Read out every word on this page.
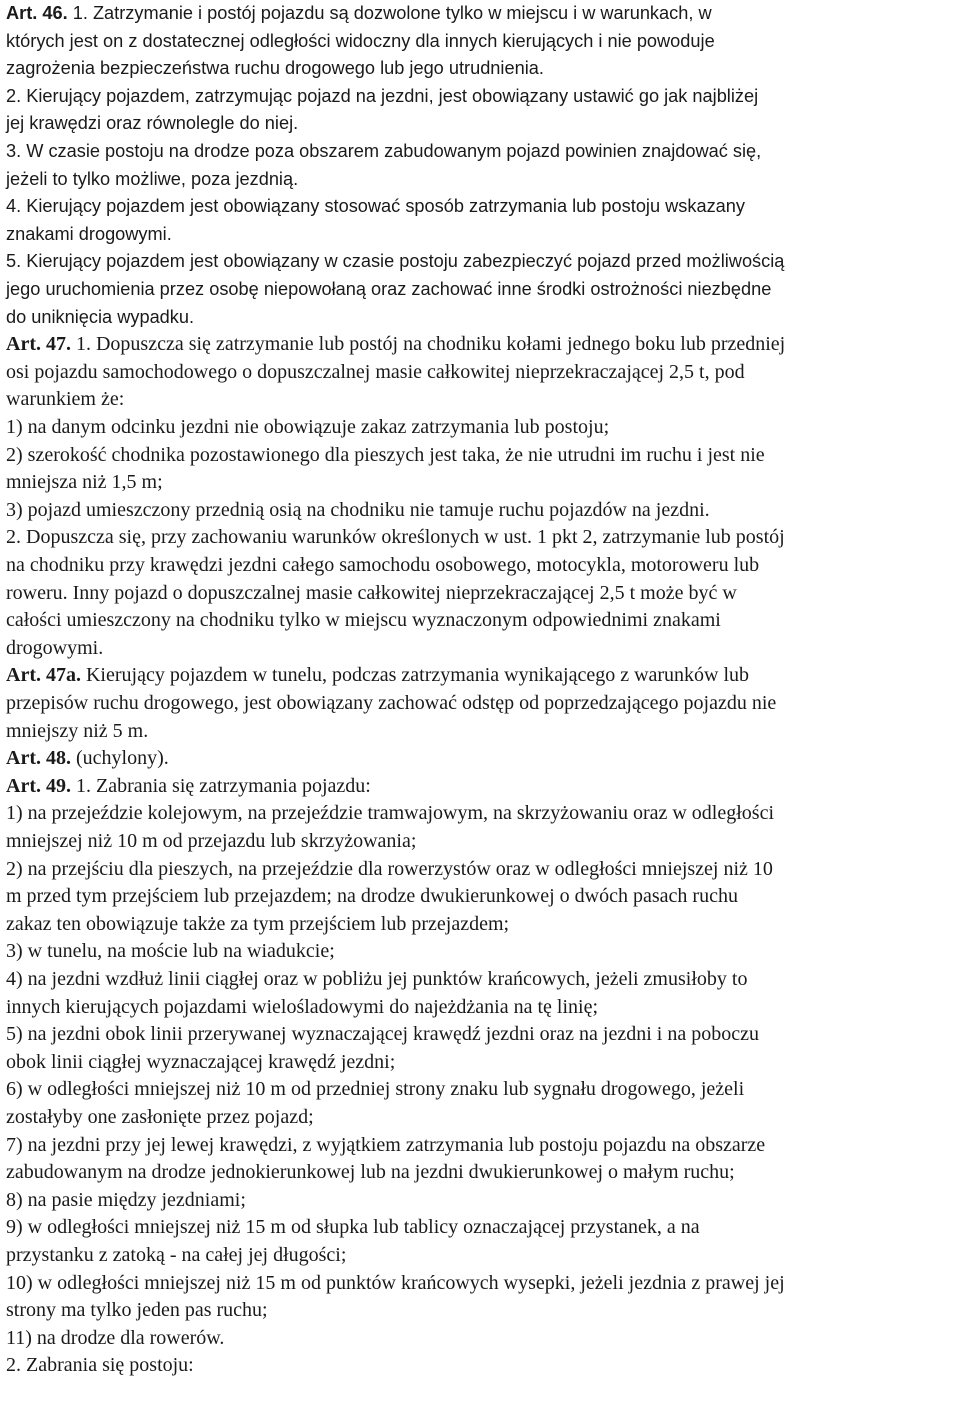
Art. 46. 1. Zatrzymanie i postój pojazdu są dozwolone tylko w miejscu i w warunkach, w
których jest on z dostatecznej odległości widoczny dla innych kierujących i nie powoduje
zagrożenia bezpieczeństwa ruchu drogowego lub jego utrudnienia.
2. Kierujący pojazdem, zatrzymując pojazd na jezdni, jest obowiązany ustawić go jak najbliżej
jej krawędzi oraz równolegle do niej.
3. W czasie postoju na drodze poza obszarem zabudowanym pojazd powinien znajdować się,
jeżeli to tylko możliwe, poza jezdnią.
4. Kierujący pojazdem jest obowiązany stosować sposób zatrzymania lub postoju wskazany
znakami drogowymi.
5. Kierujący pojazdem jest obowiązany w czasie postoju zabezpieczyć pojazd przed możliwością
jego uruchomienia przez osobę niepowołaną oraz zachować inne środki ostrożności niezbędne
do uniknięcia wypadku.
Art. 47. 1. Dopuszcza się zatrzymanie lub postój na chodniku kołami jednego boku lub przedniej
osi pojazdu samochodowego o dopuszczalnej masie całkowitej nieprzekraczającej 2,5 t, pod
warunkiem że:
1) na danym odcinku jezdni nie obowiązuje zakaz zatrzymania lub postoju;
2) szerokość chodnika pozostawionego dla pieszych jest taka, że nie utrudni im ruchu i jest nie
mniejsza niż 1,5 m;
3) pojazd umieszczony przednią osią na chodniku nie tamuje ruchu pojazdów na jezdni.
2. Dopuszcza się, przy zachowaniu warunków określonych w ust. 1 pkt 2, zatrzymanie lub postój
na chodniku przy krawędzi jezdni całego samochodu osobowego, motocykla, motoroweru lub
roweru. Inny pojazd o dopuszczalnej masie całkowitej nieprzekraczającej 2,5 t może być w
całości umieszczony na chodniku tylko w miejscu wyznaczonym odpowiednimi znakami
drogowymi.
Art. 47a. Kierujący pojazdem w tunelu, podczas zatrzymania wynikającego z warunków lub
przepisów ruchu drogowego, jest obowiązany zachować odstęp od poprzedzającego pojazdu nie
mniejszy niż 5 m.
Art. 48. (uchylony).
Art. 49. 1. Zabrania się zatrzymania pojazdu:
1) na przejeździe kolejowym, na przejeździe tramwajowym, na skrzyżowaniu oraz w odległości
mniejszej niż 10 m od przejazdu lub skrzyżowania;
2) na przejściu dla pieszych, na przejeździe dla rowerzystów oraz w odległości mniejszej niż 10
m przed tym przejściem lub przejazdem; na drodze dwukierunkowej o dwóch pasach ruchu
zakaz ten obowiązuje także za tym przejściem lub przejazdem;
3) w tunelu, na moście lub na wiadukcie;
4) na jezdni wzdłuż linii ciągłej oraz w pobliżu jej punktów krańcowych, jeżeli zmusiłoby to
innych kierujących pojazdami wielośladowymi do najeżdżania na tę linię;
5) na jezdni obok linii przerywanej wyznaczającej krawędź jezdni oraz na jezdni i na poboczu
obok linii ciągłej wyznaczającej krawędź jezdni;
6) w odległości mniejszej niż 10 m od przedniej strony znaku lub sygnału drogowego, jeżeli
zostałyby one zasłonięte przez pojazd;
7) na jezdni przy jej lewej krawędzi, z wyjątkiem zatrzymania lub postoju pojazdu na obszarze
zabudowanym na drodze jednokierunkowej lub na jezdni dwukierunkowej o małym ruchu;
8) na pasie między jezdniami;
9) w odległości mniejszej niż 15 m od słupka lub tablicy oznaczającej przystanek, a na
przystanku z zatoką - na całej jej długości;
10) w odległości mniejszej niż 15 m od punktów krańcowych wysepki, jeżeli jezdnia z prawej jej
strony ma tylko jeden pas ruchu;
11) na drodze dla rowerów.
2. Zabrania się postoju:
